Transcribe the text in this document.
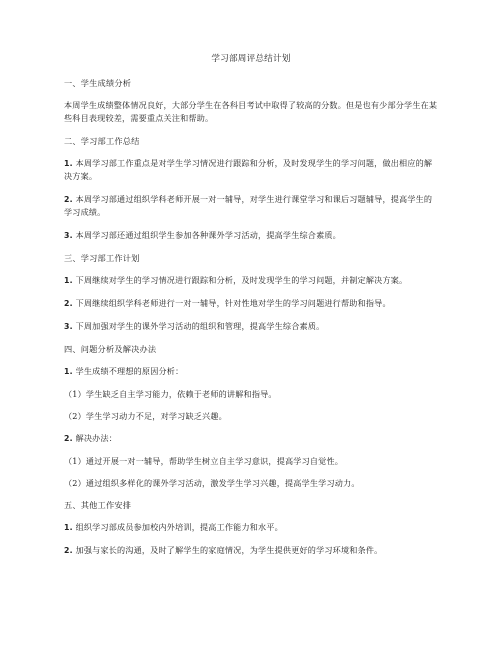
学习部周评总结计划
一、学生成绩分析
本周学生成绩整体情况良好，大部分学生在各科目考试中取得了较高的分数。但是也有少部分学生在某些科目表现较差，需要重点关注和帮助。
二、学习部工作总结
1. 本周学习部工作重点是对学生学习情况进行跟踪和分析，及时发现学生的学习问题，做出相应的解决方案。
2. 本周学习部通过组织学科老师开展一对一辅导，对学生进行课堂学习和课后习题辅导，提高学生的学习成绩。
3. 本周学习部还通过组织学生参加各种课外学习活动，提高学生综合素质。
三、学习部工作计划
1. 下周继续对学生的学习情况进行跟踪和分析，及时发现学生的学习问题，并制定解决方案。
2. 下周继续组织学科老师进行一对一辅导，针对性地对学生的学习问题进行帮助和指导。
3. 下周加强对学生的课外学习活动的组织和管理，提高学生综合素质。
四、问题分析及解决办法
1. 学生成绩不理想的原因分析：
（1）学生缺乏自主学习能力，依赖于老师的讲解和指导。
（2）学生学习动力不足，对学习缺乏兴趣。
2. 解决办法：
（1）通过开展一对一辅导，帮助学生树立自主学习意识，提高学习自觉性。
（2）通过组织多样化的课外学习活动，激发学生学习兴趣，提高学生学习动力。
五、其他工作安排
1. 组织学习部成员参加校内外培训，提高工作能力和水平。
2. 加强与家长的沟通，及时了解学生的家庭情况，为学生提供更好的学习环境和条件。
